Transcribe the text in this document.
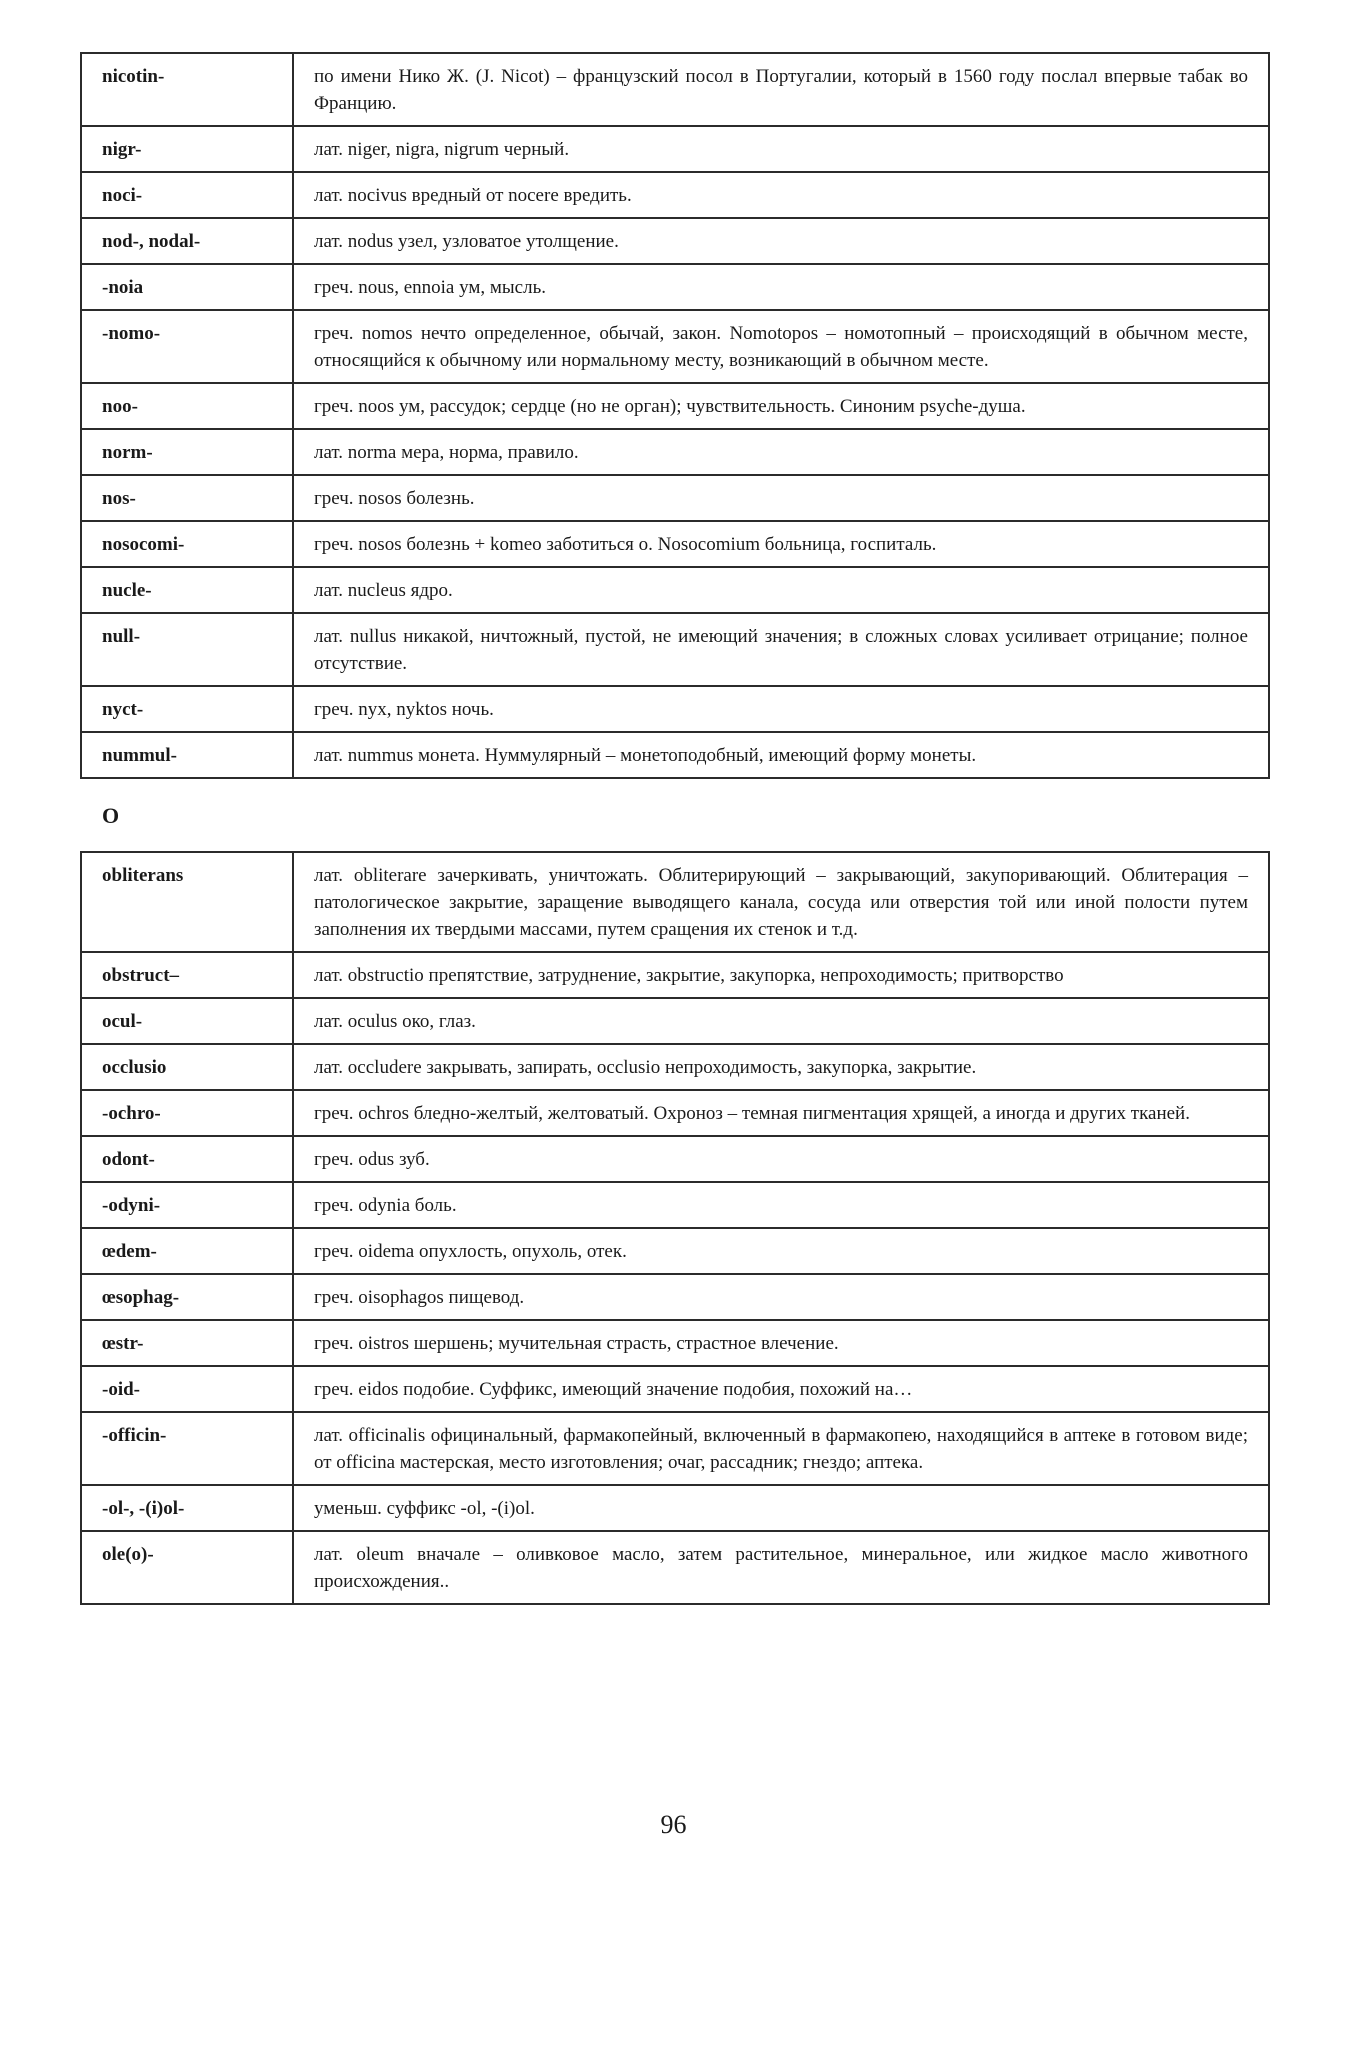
nicotin-	по имени Нико Ж. (J. Nicot) – французский посол в Португалии, который в 1560 году послал впервые табак во Францию.
nigr-	лат. niger, nigra, nigrum черный.
noci-	лат. nocivus вредный от nocere вредить.
nod-, nodal-	лат. nodus узел, узловатое утолщение.
-noia	греч. nous, ennoia ум, мысль.
-nomo-	греч. nomos нечто определенное, обычай, закон. Nomotopos – номотопный – происходящий в обычном месте, относящийся к обычному или нормальному месту, возникающий в обычном месте.
noo-	греч. noos ум, рассудок; сердце (но не орган); чувствительность. Синоним psyche-душа.
norm-	лат. norma мера, норма, правило.
nos-	греч. nosos болезнь.
nosocomi-	греч. nosos болезнь + komeo заботиться о. Nosocomium больница, госпиталь.
nucle-	лат. nucleus ядро.
null-	лат. nullus никакой, ничтожный, пустой, не имеющий значения; в сложных словах усиливает отрицание; полное отсутствие.
nyct-	греч. nyx, nyktos ночь.
nummul-	лат. nummus монета. Нуммулярный – монетоподобный, имеющий форму монеты.
O
obliterans	лат. obliterare зачеркивать, уничтожать. Облитерирующий – закрывающий, закупоривающий. Облитерация – патологическое закрытие, заращение выводящего канала, сосуда или отверстия той или иной полости путем заполнения их твердыми массами, путем сращения их стенок и т.д.
obstruct–	лат. obstructio препятствие, затруднение, закрытие, закупорка, непроходимость; притворство
ocul-	лат. oculus око, глаз.
occlusio	лат. occludere закрывать, запирать, occlusio непроходимость, закупорка, закрытие.
-ochro-	греч. ochros бледно-желтый, желтоватый. Охроноз – темная пигментация хрящей, а иногда и других тканей.
odont-	греч. odus зуб.
-odyni-	греч. odynia боль.
œdem-	греч. oidema опухлость, опухоль, отек.
œsophag-	греч. oisophagos пищевод.
œstr-	греч. oistros шершень; мучительная страсть, страстное влечение.
-oid-	греч. eidos подобие. Суффикс, имеющий значение подобия, похожий на…
-officin-	лат. officinalis официнальный, фармакопейный, включенный в фармакопею, находящийся в аптеке в готовом виде; от officina мастерская, место изготовления; очаг, рассадник; гнездо; аптека.
-ol-, -(i)ol-	уменьш. суффикс -ol, -(i)ol.
ole(o)-	лат. oleum вначале – оливковое масло, затем растительное, минеральное, или жидкое масло животного происхождения..
96
